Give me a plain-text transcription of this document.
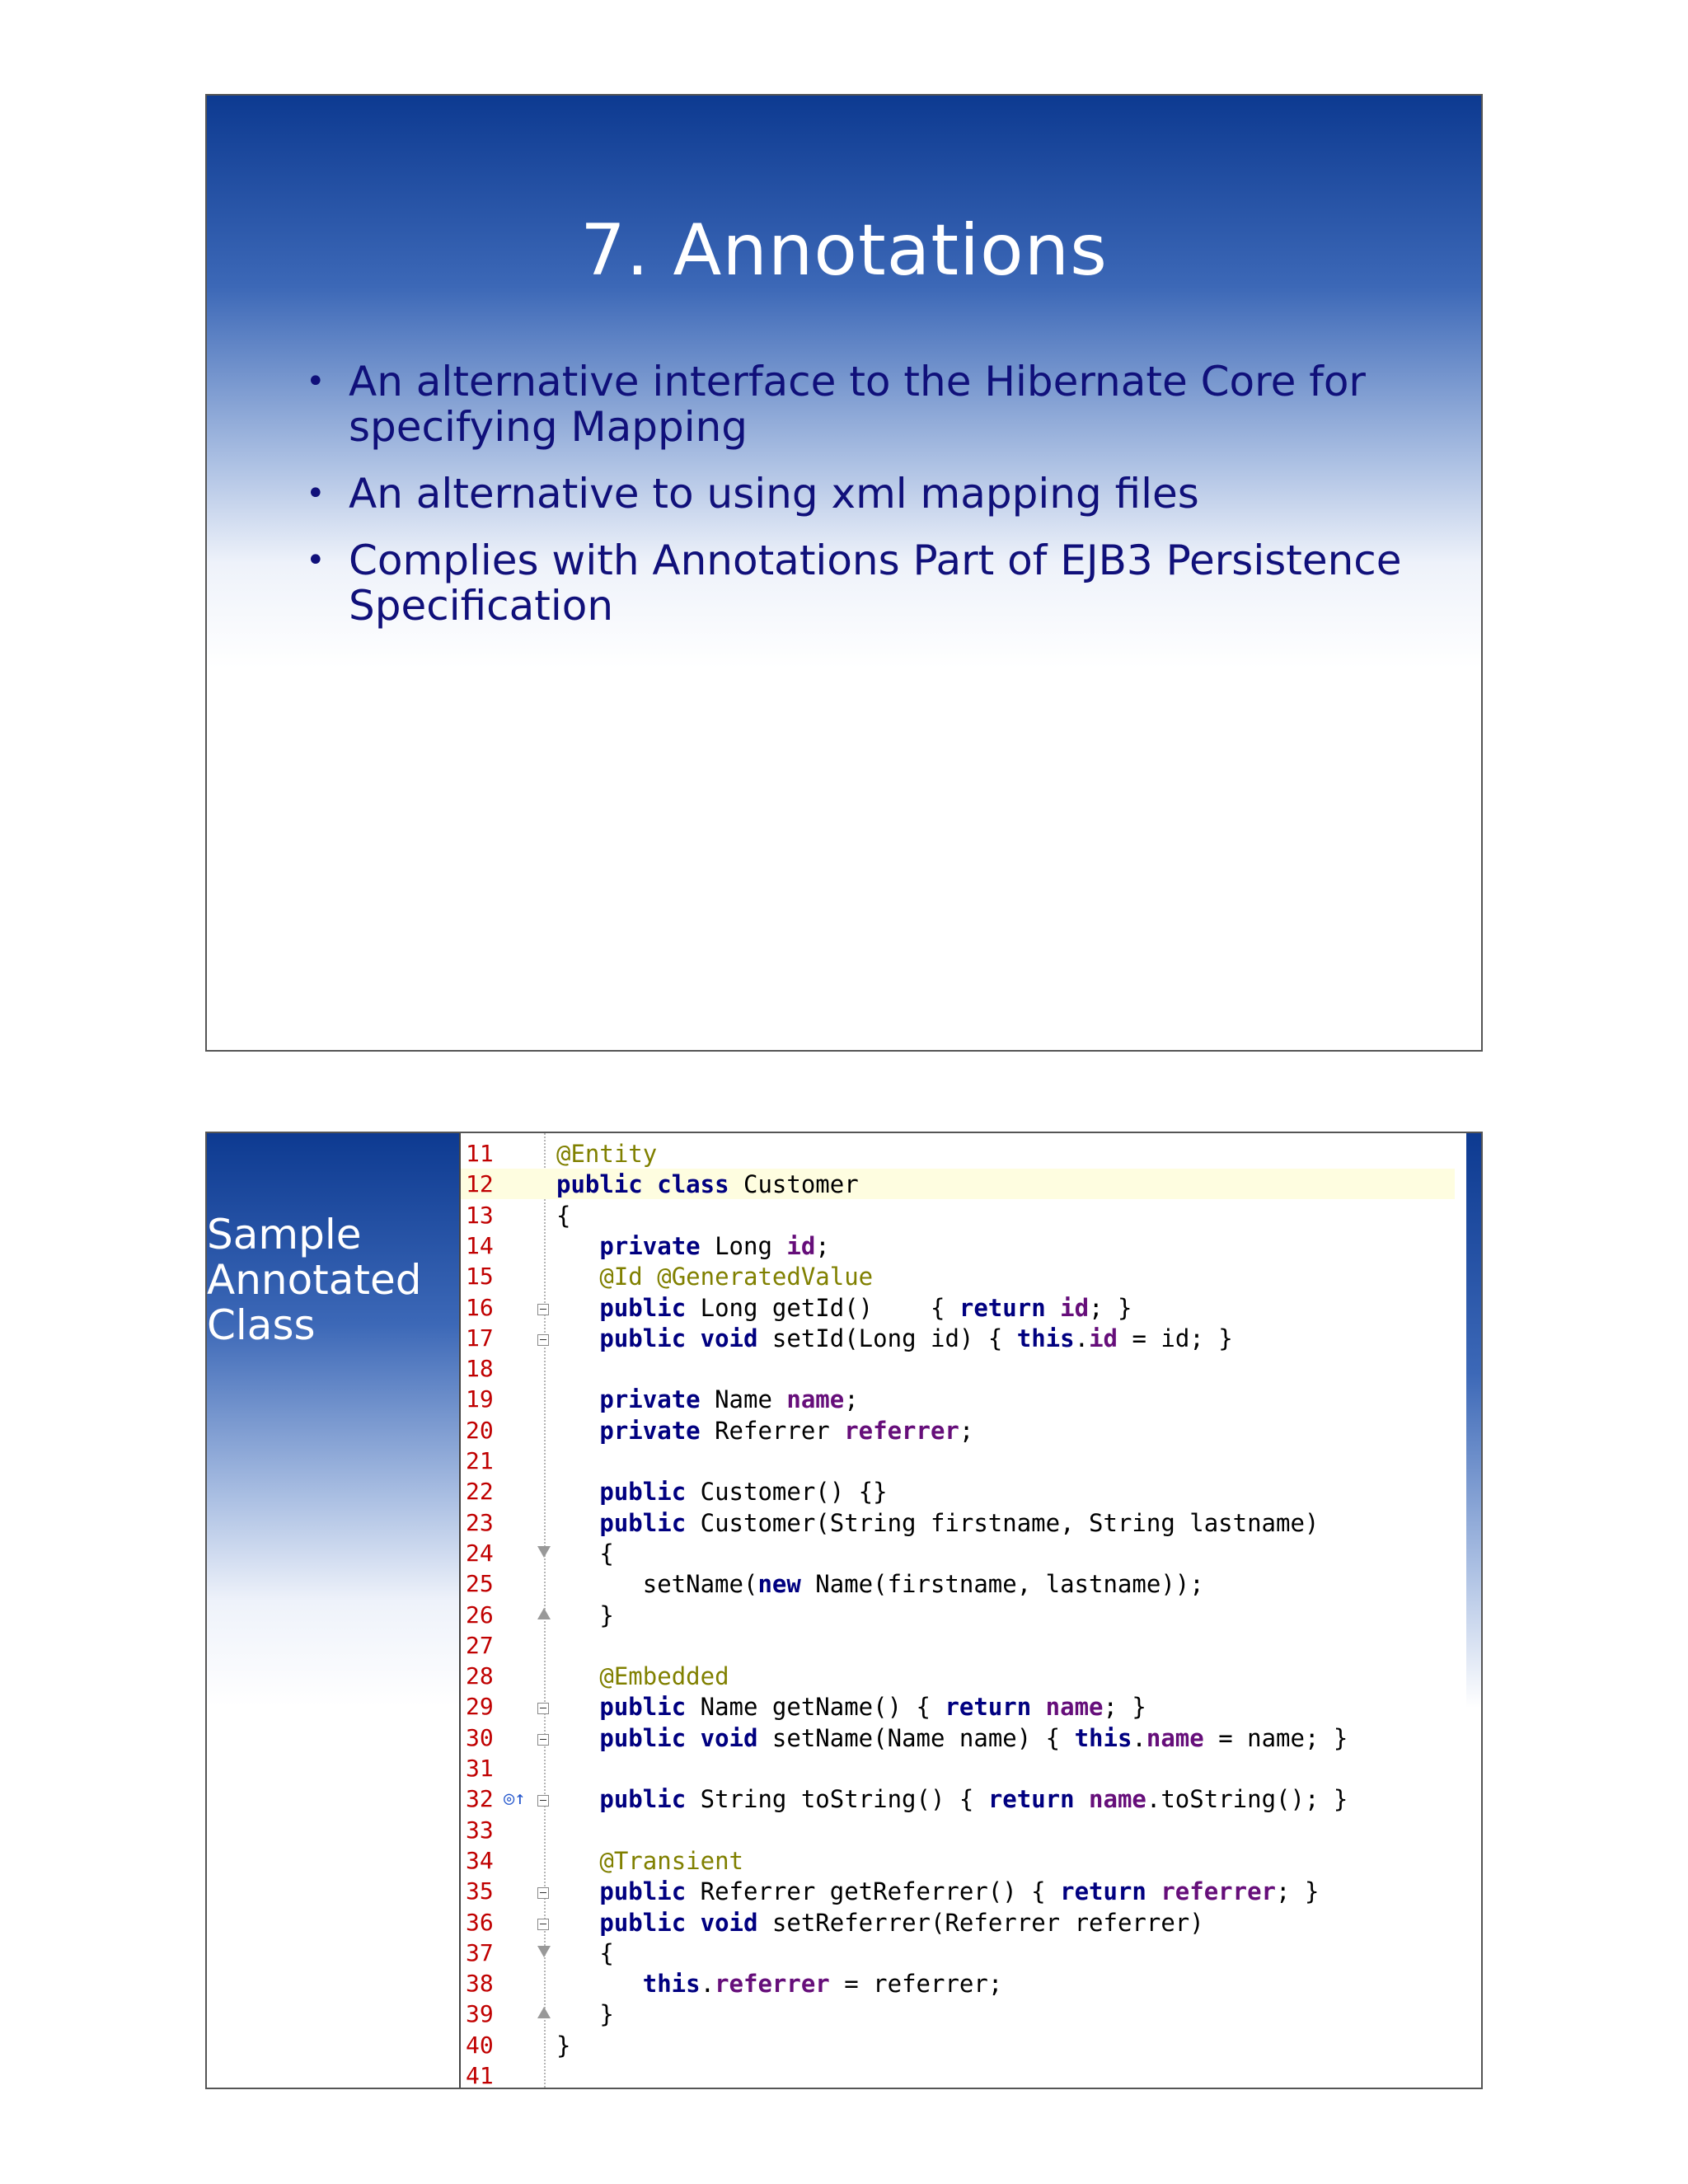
7. Annotations
• An alternative interface to the Hibernate Core for specifying Mapping
• An alternative to using xml mapping files
• Complies with Annotations Part of EJB3 Persistence Specification
Sample Annotated Class
11	@Entity
12	public class Customer
13	{
14	private Long id;
15	@Id @GeneratedValue
16	public Long getId()    { return id; }
17	public void setId(Long id) { this.id = id; }
18
19	private Name name;
20	private Referrer referrer;
21
22	public Customer() {}
23	public Customer(String firstname, String lastname)
24	{
25	setName(new Name(firstname, lastname));
26	}
27
28	@Embedded
29	public Name getName() { return name; }
30	public void setName(Name name) { this.name = name; }
31
32 ◎↑	public String toString() { return name.toString(); }
33
34	@Transient
35	public Referrer getReferrer() { return referrer; }
36	public void setReferrer(Referrer referrer)
37	{
38	this.referrer = referrer;
39	}
40	}
41
